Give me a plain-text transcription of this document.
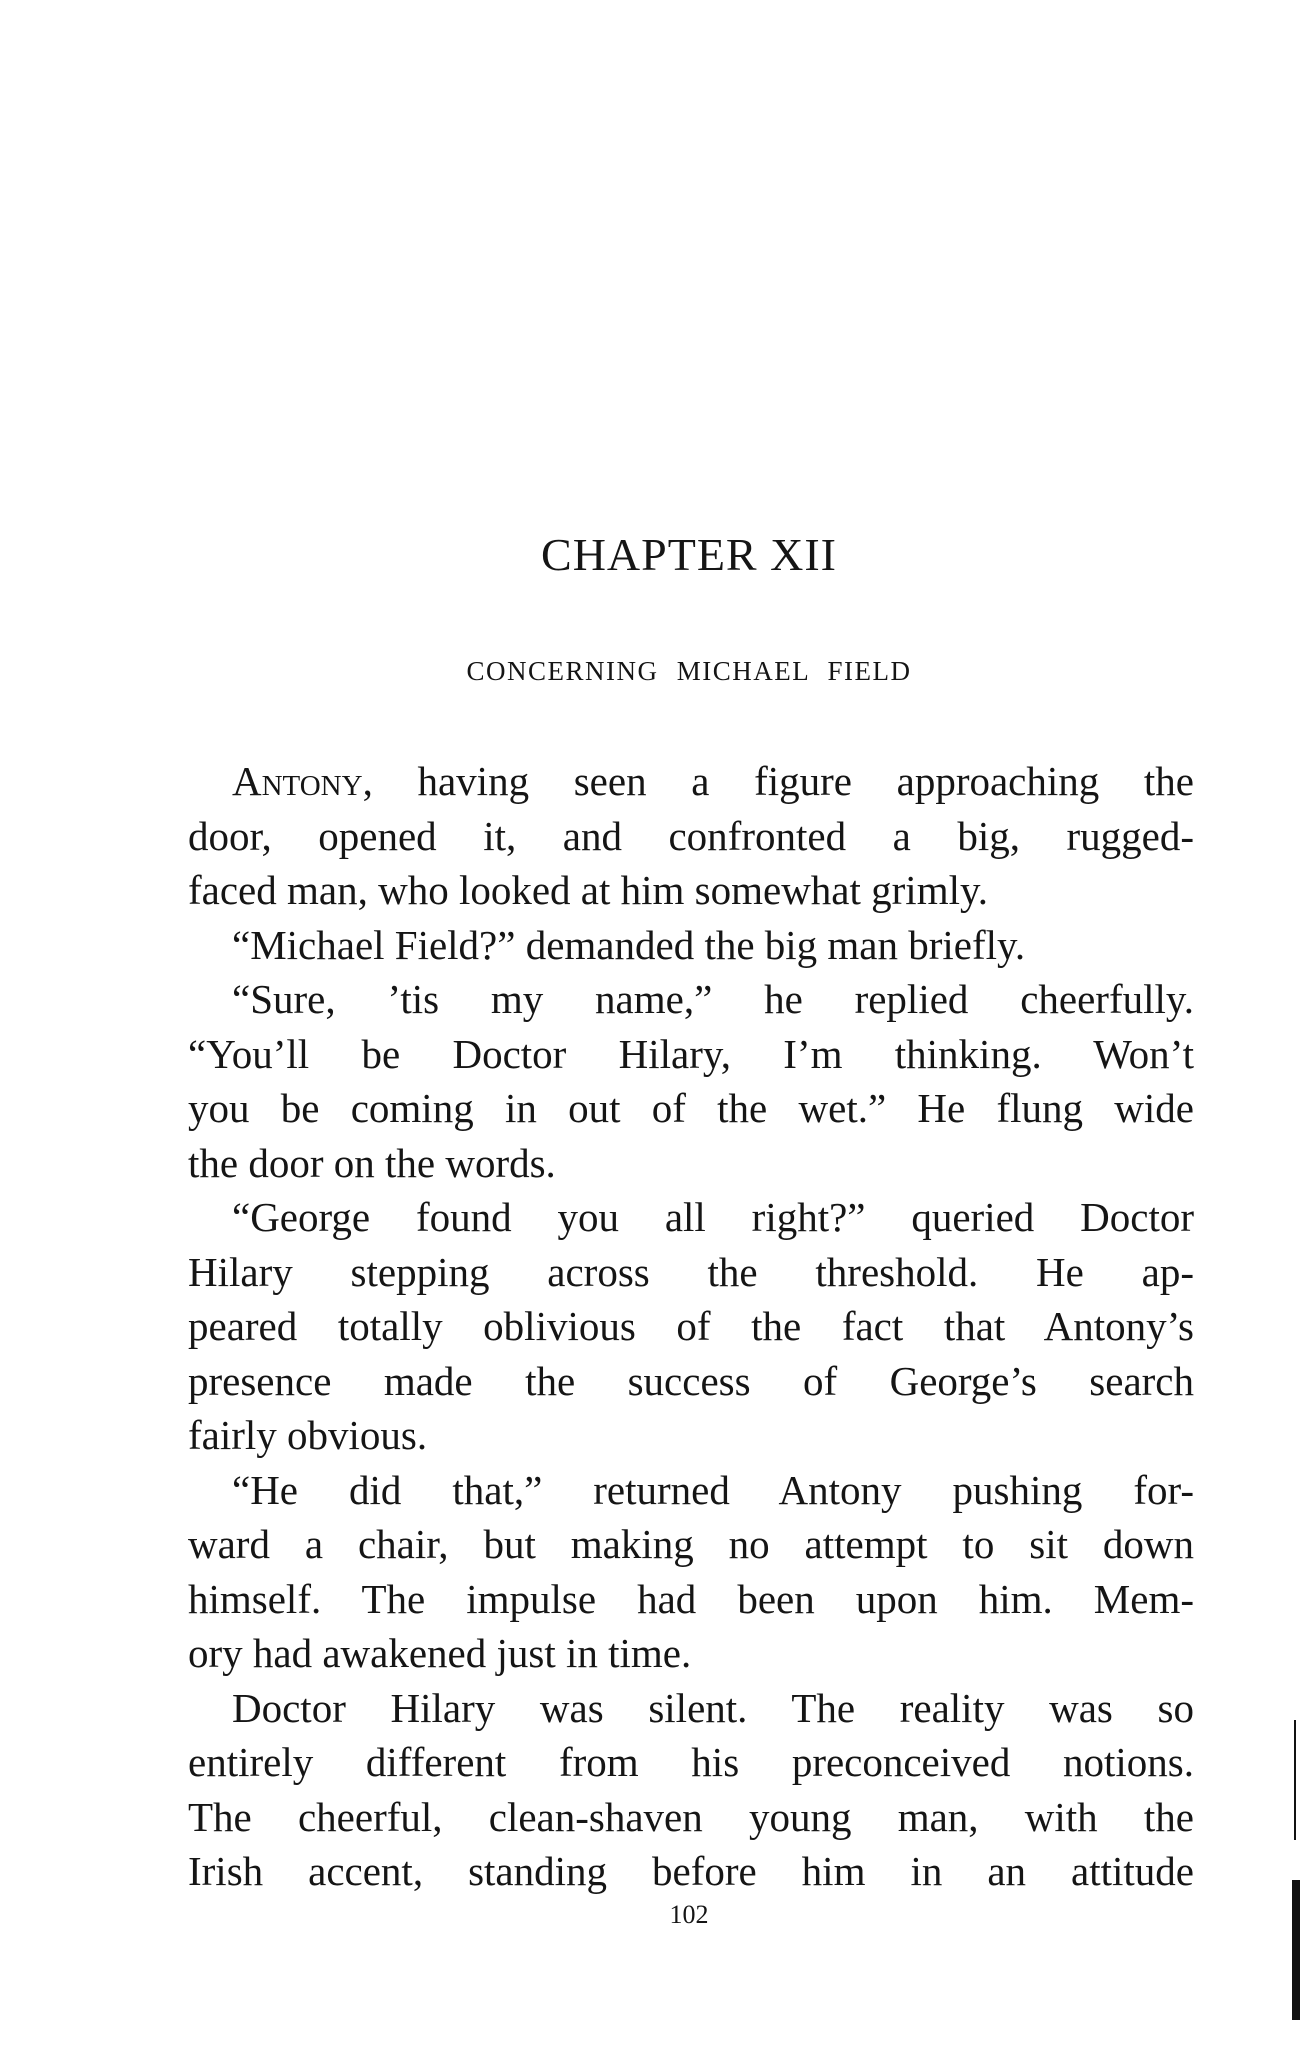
CHAPTER XII
CONCERNING MICHAEL FIELD
Antony, having seen a figure approaching the
door, opened it, and confronted a big, rugged-
faced man, who looked at him somewhat grimly.
“Michael Field?” demanded the big man briefly.
“Sure, ’tis my name,” he replied cheerfully.
“You’ll be Doctor Hilary, I’m thinking. Won’t
you be coming in out of the wet.” He flung wide
the door on the words.
“George found you all right?” queried Doctor
Hilary stepping across the threshold. He ap-
peared totally oblivious of the fact that Antony’s
presence made the success of George’s search
fairly obvious.
“He did that,” returned Antony pushing for-
ward a chair, but making no attempt to sit down
himself. The impulse had been upon him. Mem-
ory had awakened just in time.
Doctor Hilary was silent. The reality was so
entirely different from his preconceived notions.
The cheerful, clean-shaven young man, with the
Irish accent, standing before him in an attitude

102
